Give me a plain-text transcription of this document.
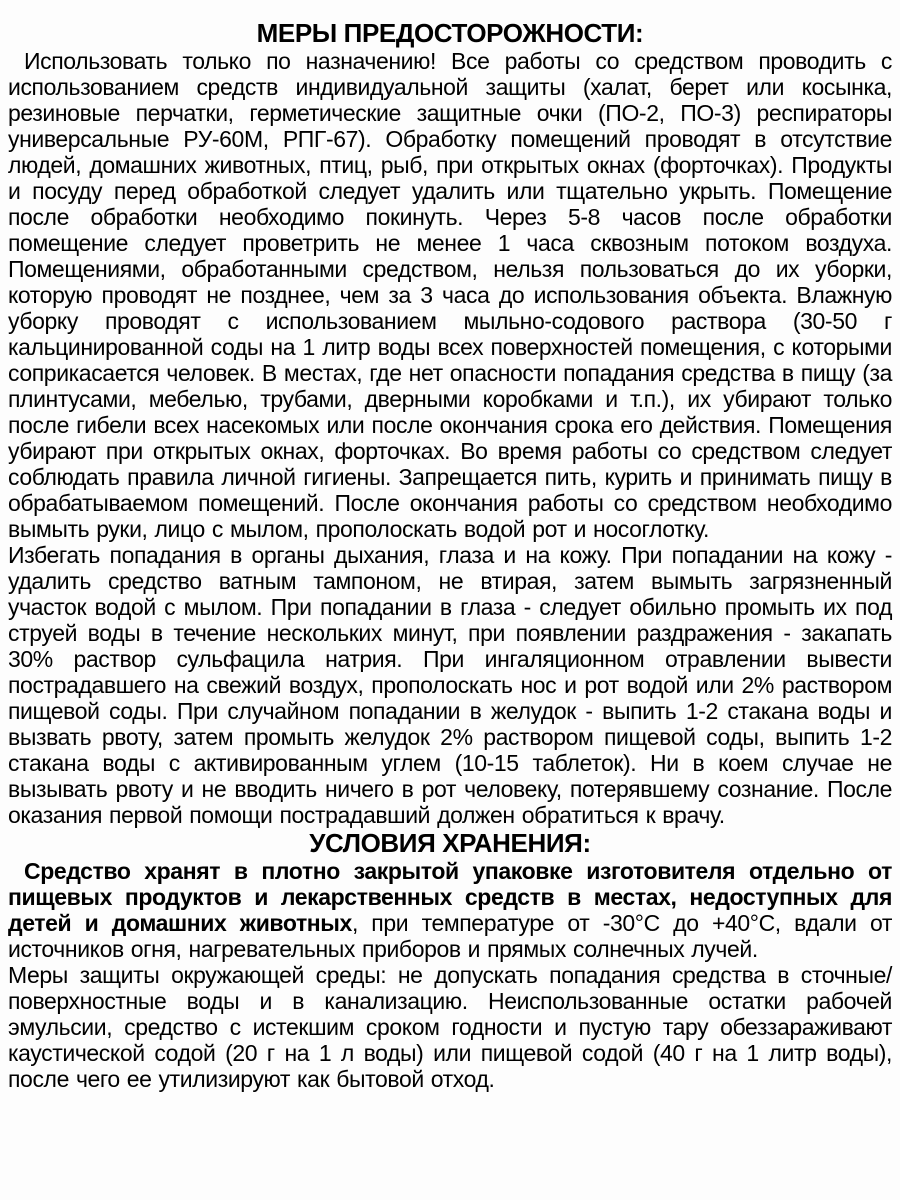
МЕРЫ ПРЕДОСТОРОЖНОСТИ:

Использовать только по назначению! Все работы со средством проводить с использованием средств индивидуальной защиты (халат, берет или косынка, резиновые перчатки, герметические защитные очки (ПО-2, ПО-3) респираторы универсальные РУ-60М, РПГ-67). Обработку помещений проводят в отсутствие людей, домашних животных, птиц, рыб, при открытых окнах (форточках). Продукты и посуду перед обработкой следует удалить или тщательно укрыть. Помещение после обработки необходимо покинуть. Через 5-8 часов после обработки помещение следует проветрить не менее 1 часа сквозным потоком воздуха. Помещениями, обработанными средством, нельзя пользоваться до их уборки, которую проводят не позднее, чем за 3 часа до использования объекта. Влажную уборку проводят с использованием мыльно-содового раствора (30-50 г кальцинированной соды на 1 литр воды всех поверхностей помещения, с которыми соприкасается человек. В местах, где нет опасности попадания средства в пищу (за плинтусами, мебелью, трубами, дверными коробками и т.п.), их убирают только после гибели всех насекомых или после окончания срока его действия. Помещения убирают при открытых окнах, форточках. Во время работы со средством следует соблюдать правила личной гигиены. Запрещается пить, курить и принимать пищу в обрабатываемом помещений. После окончания работы со средством необходимо вымыть руки, лицо с мылом, прополоскать водой рот и носоглотку.

Избегать попадания в органы дыхания, глаза и на кожу. При попадании на кожу - удалить средство ватным тампоном, не втирая, затем вымыть загрязненный участок водой с мылом. При попадании в глаза - следует обильно промыть их под струей воды в течение нескольких минут, при появлении раздражения - закапать 30% раствор сульфацила натрия. При ингаляционном отравлении вывести пострадавшего на свежий воздух, прополоскать нос и рот водой или 2% раствором пищевой соды. При случайном попадании в желудок - выпить 1-2 стакана воды и вызвать рвоту, затем промыть желудок 2% раствором пищевой соды, выпить 1-2 стакана воды с активированным углем (10-15 таблеток). Ни в коем случае не вызывать рвоту и не вводить ничего в рот человеку, потерявшему сознание. После оказания первой помощи пострадавший должен обратиться к врачу.

УСЛОВИЯ ХРАНЕНИЯ:

Средство хранят в плотно закрытой упаковке изготовителя отдельно от пищевых продуктов и лекарственных средств в местах, недоступных для детей и домашних животных, при температуре от -30°С до +40°С, вдали от источников огня, нагревательных приборов и прямых солнечных лучей.

Меры защиты окружающей среды: не допускать попадания средства в сточные/поверхностные воды и в канализацию. Неиспользованные остатки рабочей эмульсии, средство с истекшим сроком годности и пустую тару обеззараживают каустической содой (20 г на 1 л воды) или пищевой содой (40 г на 1 литр воды), после чего ее утилизируют как бытовой отход.
